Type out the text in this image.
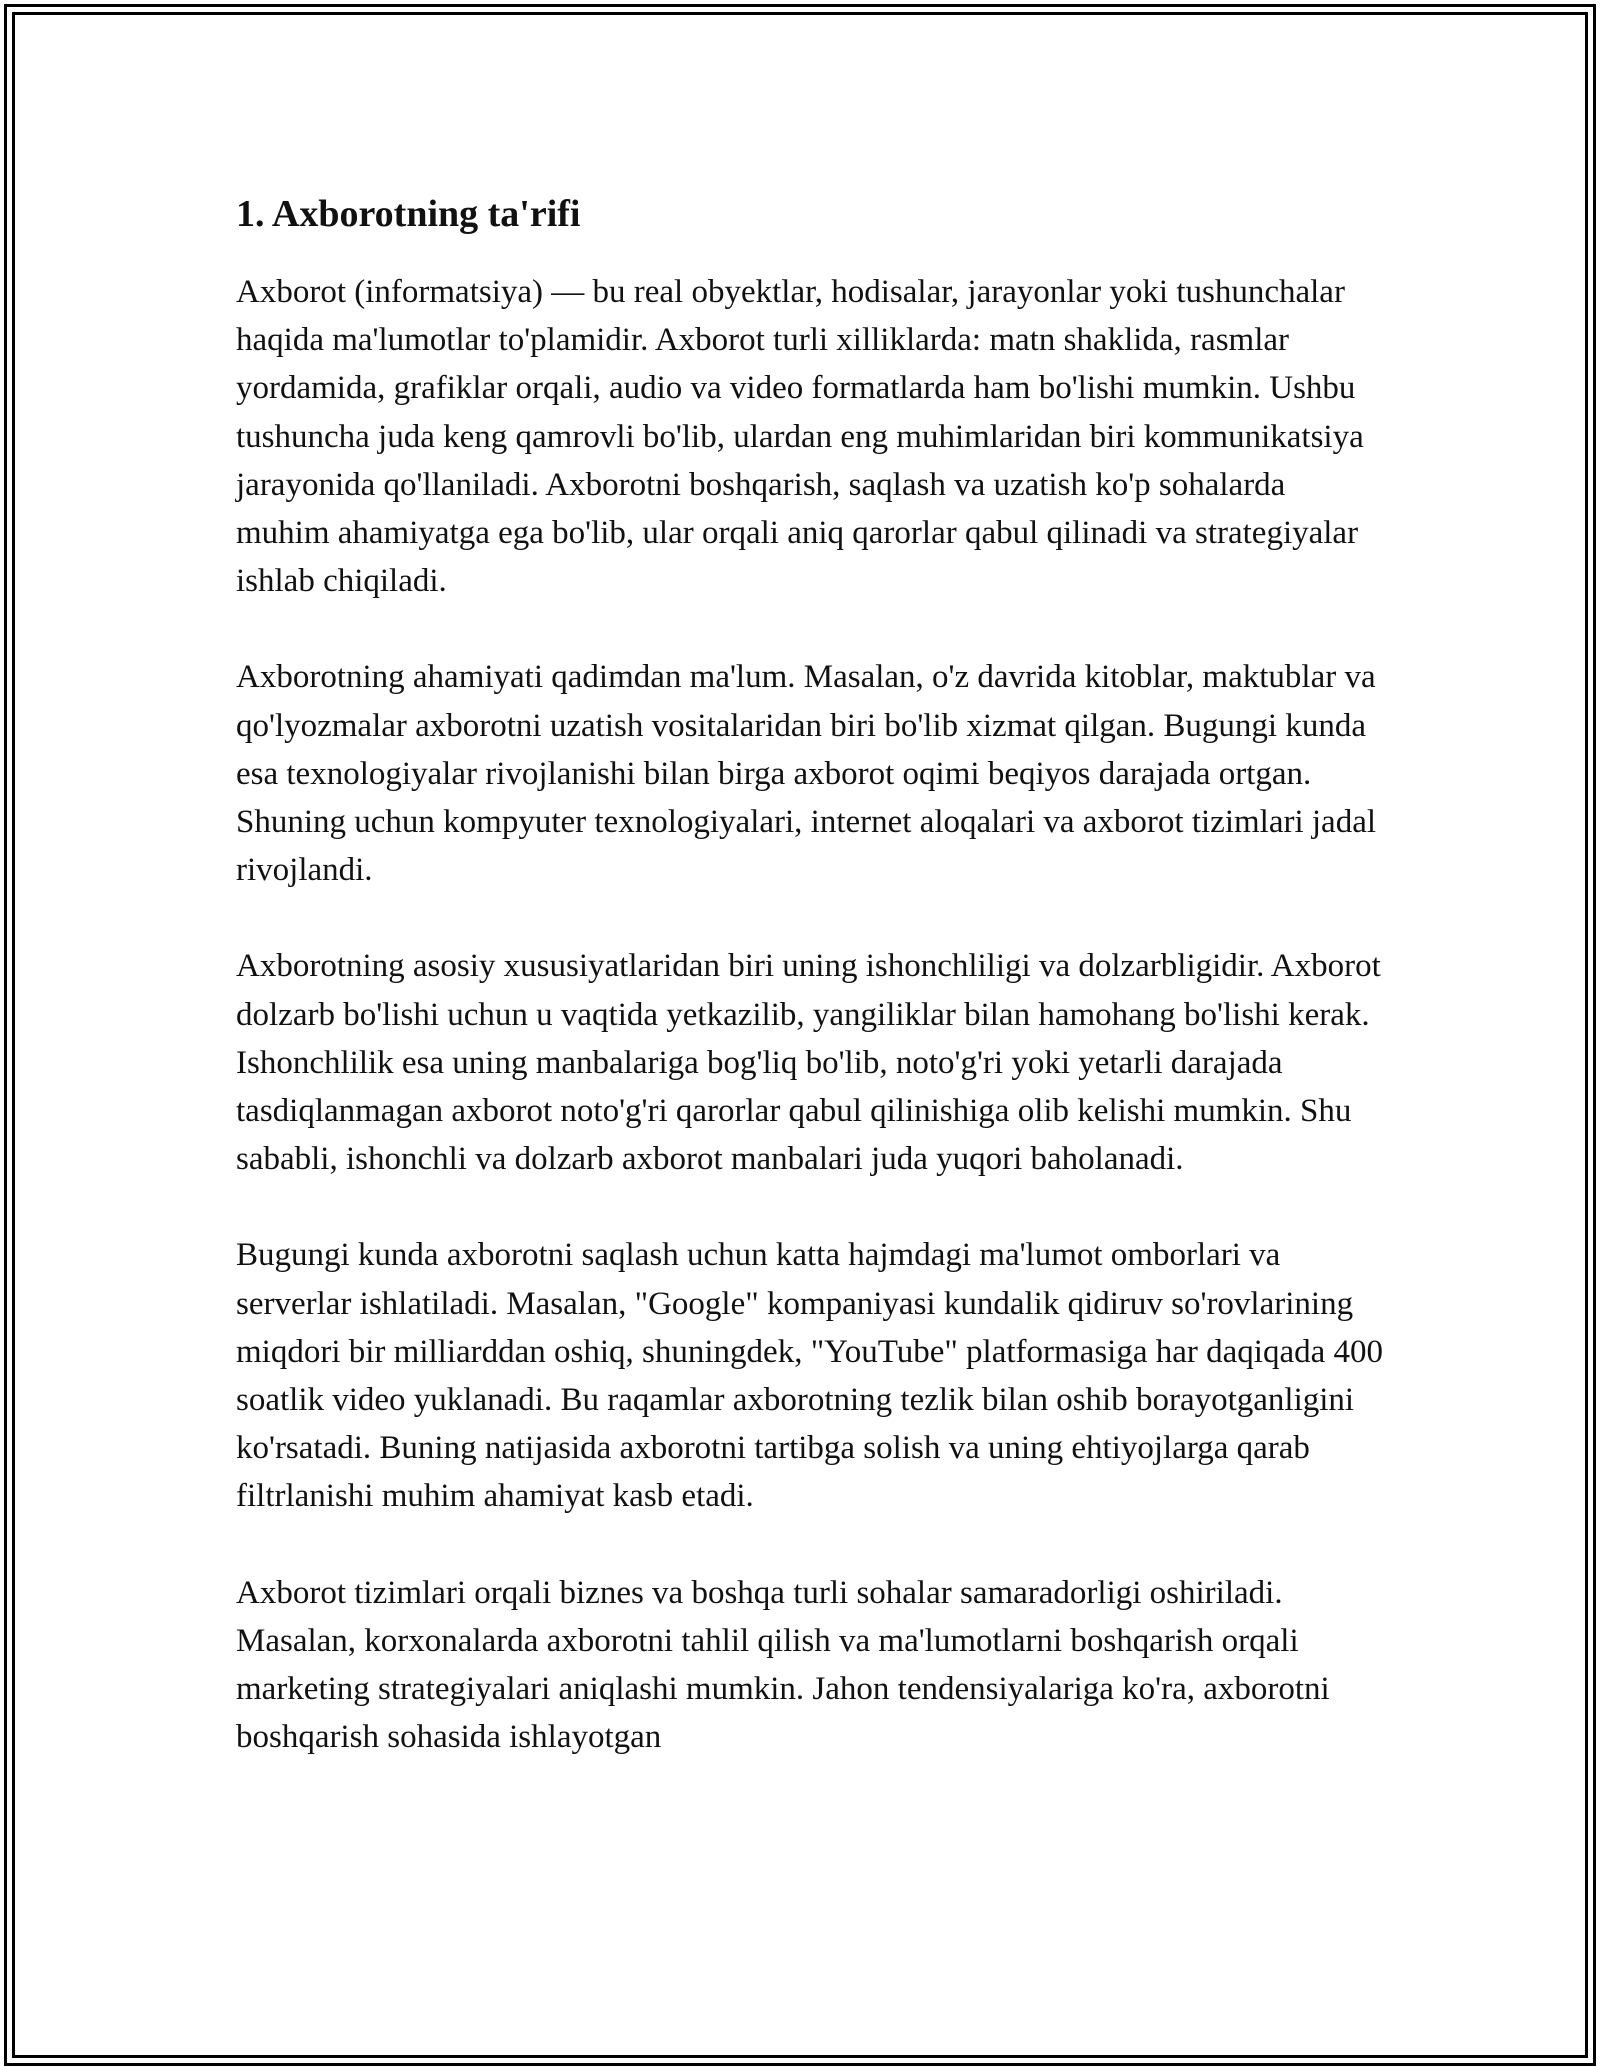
1. Axborotning ta'rifi

Axborot (informatsiya) — bu real obyektlar, hodisalar, jarayonlar yoki tushunchalar haqida ma'lumotlar to'plamidir. Axborot turli xilliklarda: matn shaklida, rasmlar yordamida, grafiklar orqali, audio va video formatlarda ham bo'lishi mumkin. Ushbu tushuncha juda keng qamrovli bo'lib, ulardan eng muhimlaridan biri kommunikatsiya jarayonida qo'llaniladi. Axborotni boshqarish, saqlash va uzatish ko'p sohalarda muhim ahamiyatga ega bo'lib, ular orqali aniq qarorlar qabul qilinadi va strategiyalar ishlab chiqiladi.

Axborotning ahamiyati qadimdan ma'lum. Masalan, o'z davrida kitoblar, maktublar va qo'lyozmalar axborotni uzatish vositalaridan biri bo'lib xizmat qilgan. Bugungi kunda esa texnologiyalar rivojlanishi bilan birga axborot oqimi beqiyos darajada ortgan. Shuning uchun kompyuter texnologiyalari, internet aloqalari va axborot tizimlari jadal rivojlandi.

Axborotning asosiy xususiyatlaridan biri uning ishonchliligi va dolzarbligidir. Axborot dolzarb bo'lishi uchun u vaqtida yetkazilib, yangiliklar bilan hamohang bo'lishi kerak. Ishonchlilik esa uning manbalariga bog'liq bo'lib, noto'g'ri yoki yetarli darajada tasdiqlanmagan axborot noto'g'ri qarorlar qabul qilinishiga olib kelishi mumkin. Shu sababli, ishonchli va dolzarb axborot manbalari juda yuqori baholanadi.

Bugungi kunda axborotni saqlash uchun katta hajmdagi ma'lumot omborlari va serverlar ishlatiladi. Masalan, "Google" kompaniyasi kundalik qidiruv so'rovlarining miqdori bir milliarddan oshiq, shuningdek, "YouTube" platformasiga har daqiqada 400 soatlik video yuklanadi. Bu raqamlar axborotning tezlik bilan oshib borayotganligini ko'rsatadi. Buning natijasida axborotni tartibga solish va uning ehtiyojlarga qarab filtrlanishi muhim ahamiyat kasb etadi.

Axborot tizimlari orqali biznes va boshqa turli sohalar samaradorligi oshiriladi. Masalan, korxonalarda axborotni tahlil qilish va ma'lumotlarni boshqarish orqali marketing strategiyalari aniqlashi mumkin. Jahon tendensiyalariga ko'ra, axborotni boshqarish sohasida ishlayotgan
